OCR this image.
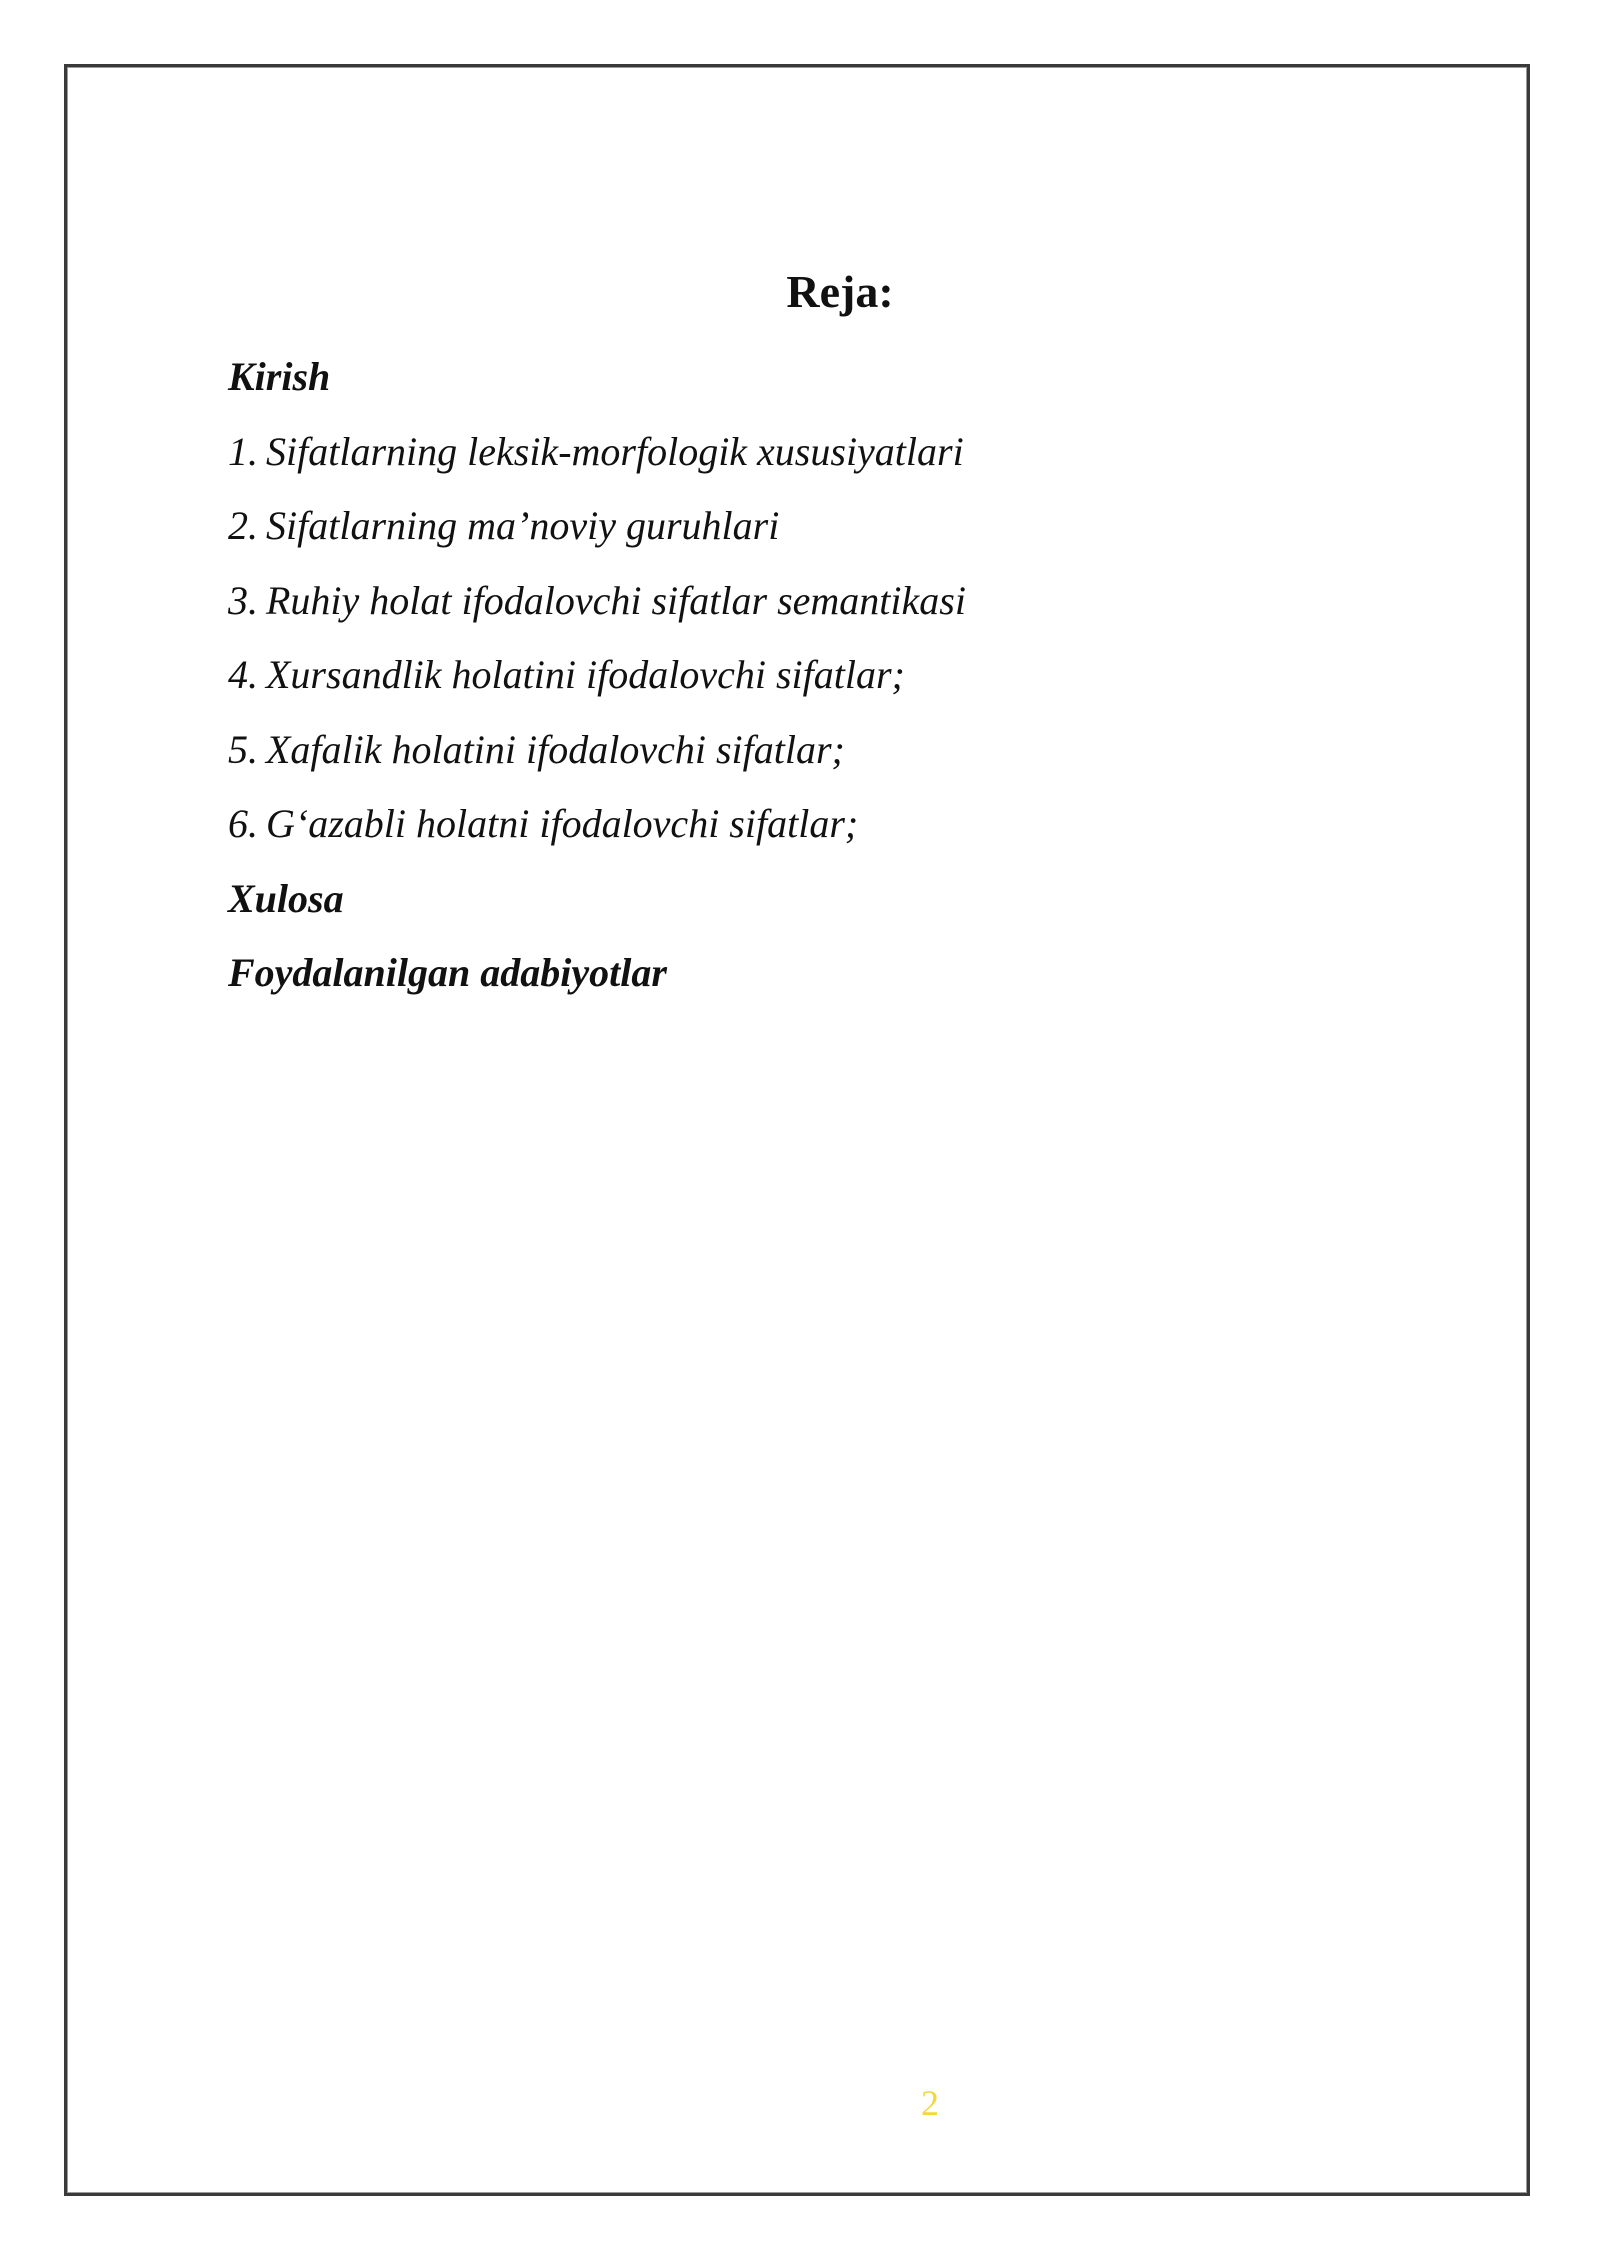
Reja:
Kirish
1. Sifatlarning leksik-morfologik xususiyatlari
2. Sifatlarning ma’noviy guruhlari
3. Ruhiy holat ifodalovchi sifatlar semantikasi
4. Xursandlik holatini ifodalovchi sifatlar;
5. Xafalik holatini ifodalovchi sifatlar;
6. G‘azabli holatni ifodalovchi sifatlar;
Xulosa
Foydalanilgan adabiyotlar
2
